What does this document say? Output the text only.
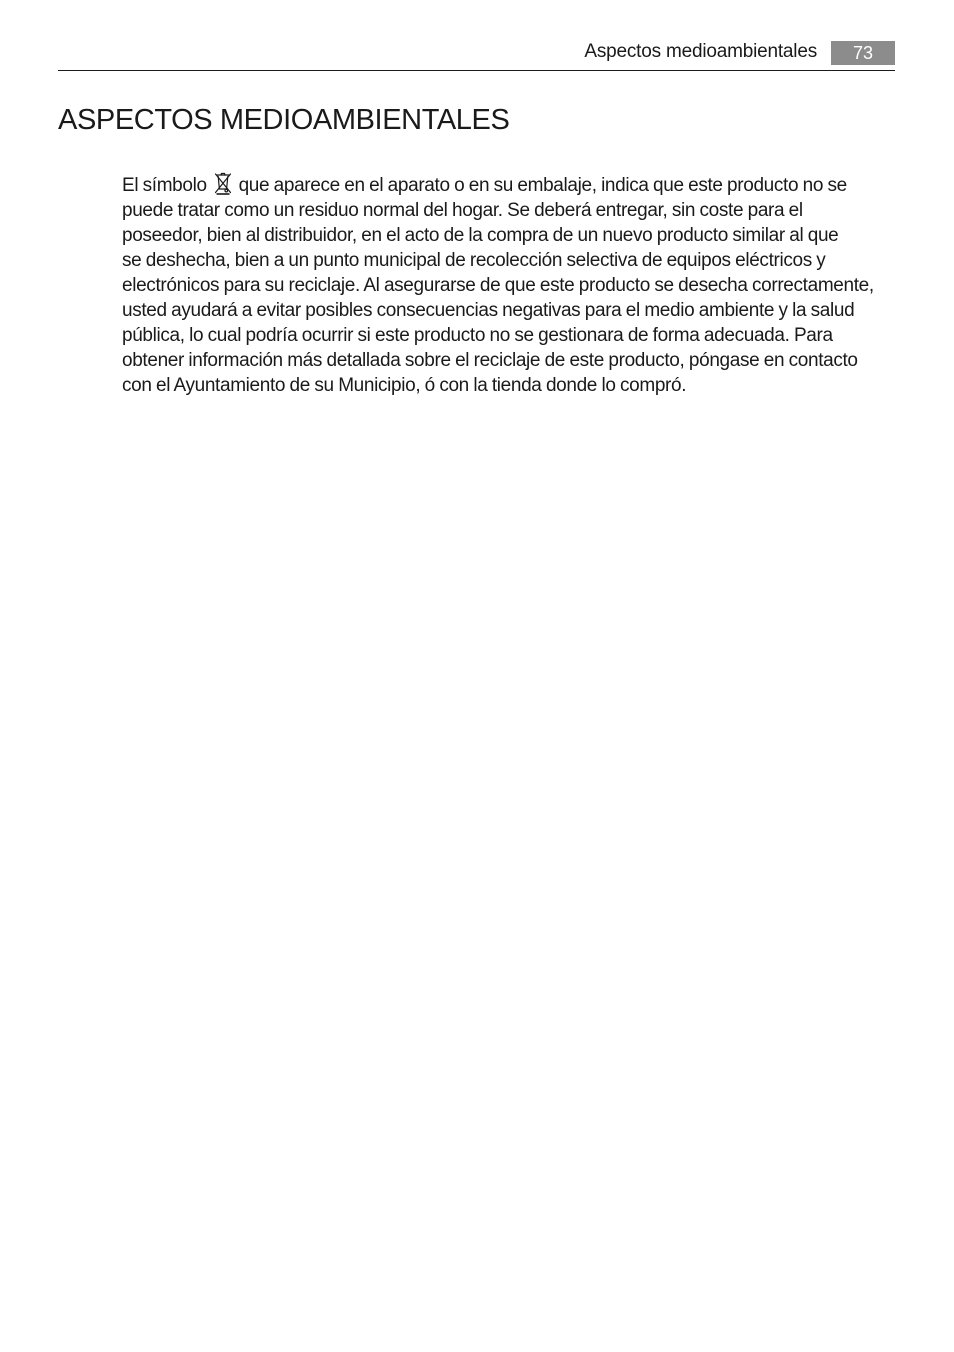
Aspectos medioambientales	73
ASPECTOS MEDIOAMBIENTALES

El símbolo que aparece en el aparato o en su embalaje, indica que este producto no se
puede tratar como un residuo normal del hogar. Se deberá entregar, sin coste para el
poseedor, bien al distribuidor, en el acto de la compra de un nuevo producto similar al que
se deshecha, bien a un punto municipal de recolección selectiva de equipos eléctricos y
electrónicos para su reciclaje. Al asegurarse de que este producto se desecha correctamente,
usted ayudará a evitar posibles consecuencias negativas para el medio ambiente y la salud
pública, lo cual podría ocurrir si este producto no se gestionara de forma adecuada. Para
obtener información más detallada sobre el reciclaje de este producto, póngase en contacto
con el Ayuntamiento de su Municipio, ó con la tienda donde lo compró.
